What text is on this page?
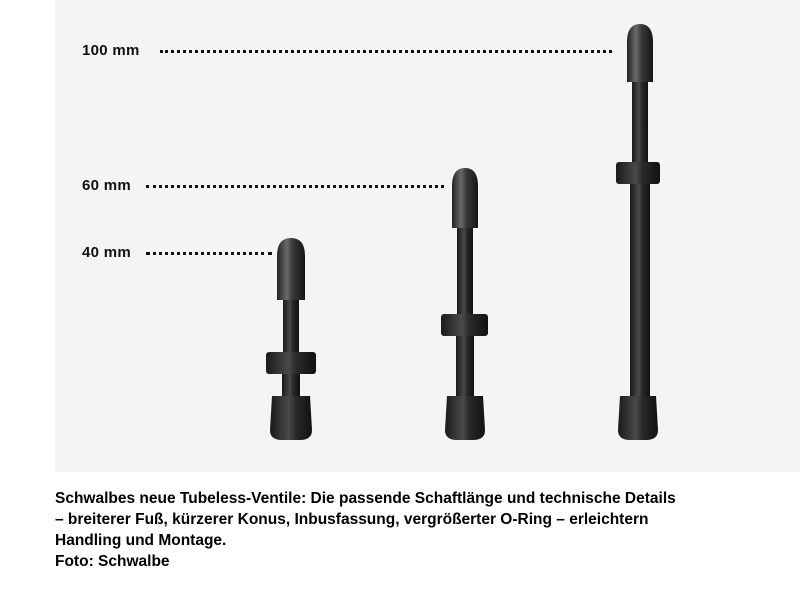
100 mm
60 mm
40 mm
Schwalbes neue Tubeless-Ventile: Die passende Schaftlänge und technische Details
– breiterer Fuß, kürzerer Konus, Inbusfassung, vergrößerter O-Ring – erleichtern
Handling und Montage.
Foto: Schwalbe
